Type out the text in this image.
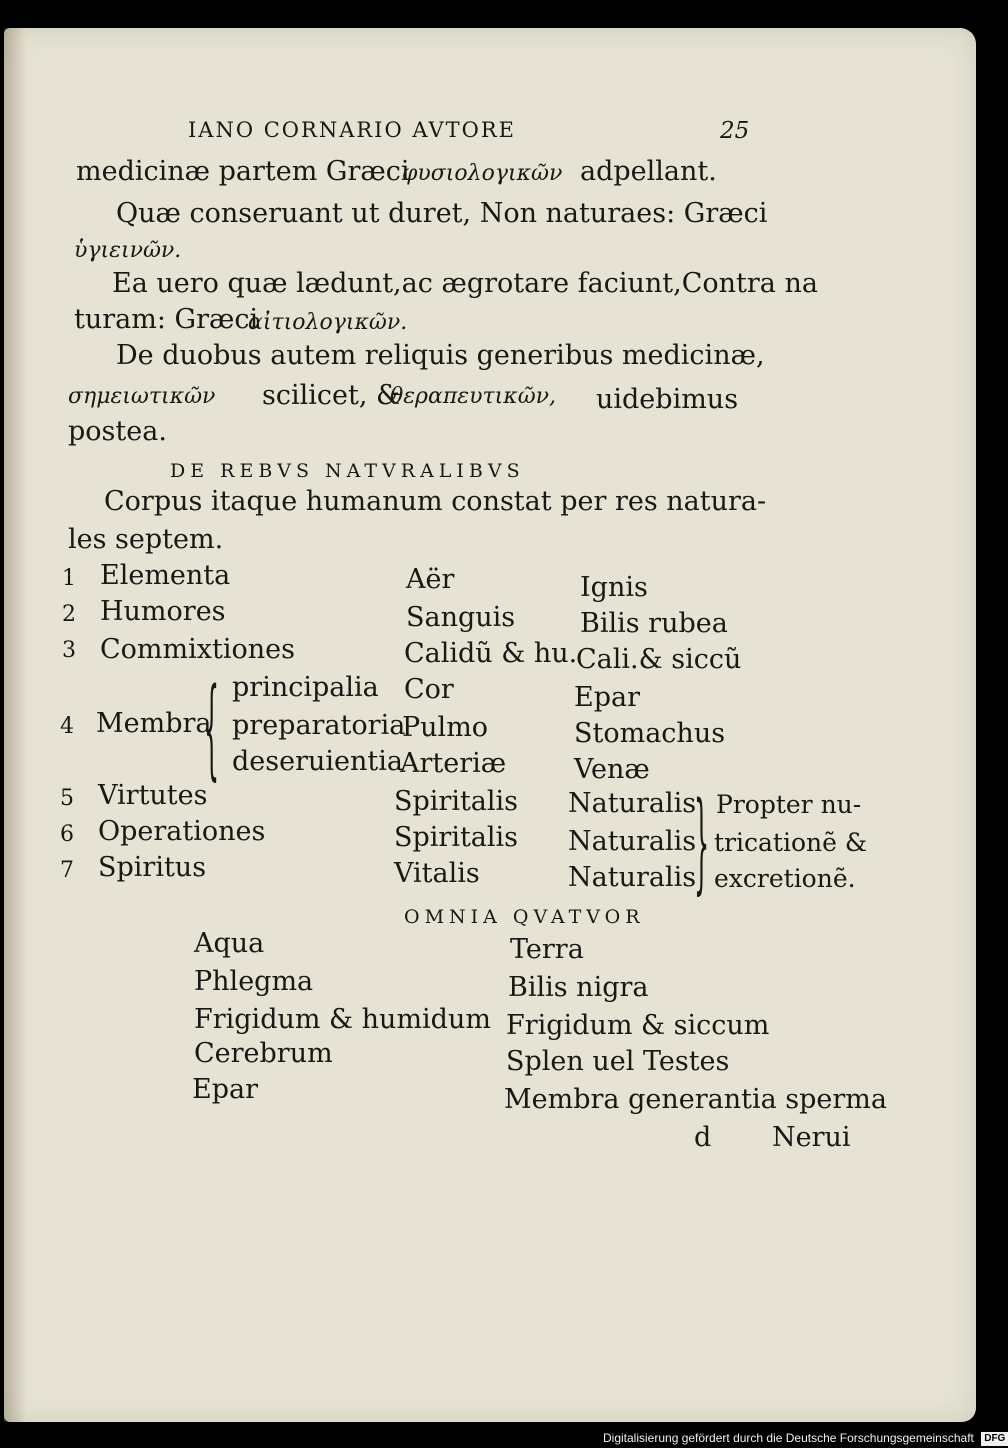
IANO CORNARIO AVTORE	25
medicinæ partem Græci
φυσιολογικῶν adpellant.
Quæ conseruant ut duret, Non naturaes: Græci
ὑγιεινῶν.
Ea uero quæ lædunt,ac ægrotare faciunt,Contra na
turam: Græci
αἰτιολογικῶν.
De duobus autem reliquis generibus medicinæ,
σημειωτικῶν scilicet, &
θεραπευτικῶν, uidebimus
postea.
DE REBVS NATVRALIBVS
Corpus itaque humanum constat per res natura-
les septem.
1
2
3
4
5
6
7
Elementa
Humores
Commixtiones
Membra
Virtutes
Operationes
Spiritus
{ principalia
preparatoria
deseruientia
Aër
Sanguis
Calidũ & hu.
Cor
Pulmo
Arteriæ
Spiritalis
Spiritalis
Vitalis
Ignis
Bilis rubea
Cali.& siccũ
Epar
Stomachus
Venæ
Naturalis
Naturalis
Naturalis
} Propter nu-
tricationẽ &
excretionẽ.
OMNIA QVATVOR
Aqua
Phlegma
Frigidum & humidum
Cerebrum
Epar
Terra
Bilis nigra
Frigidum & siccum
Splen uel Testes
Membra generantia sperma
d Nerui
Digitalisierung gefördert durch die Deutsche Forschungsgemeinschaft DFG
